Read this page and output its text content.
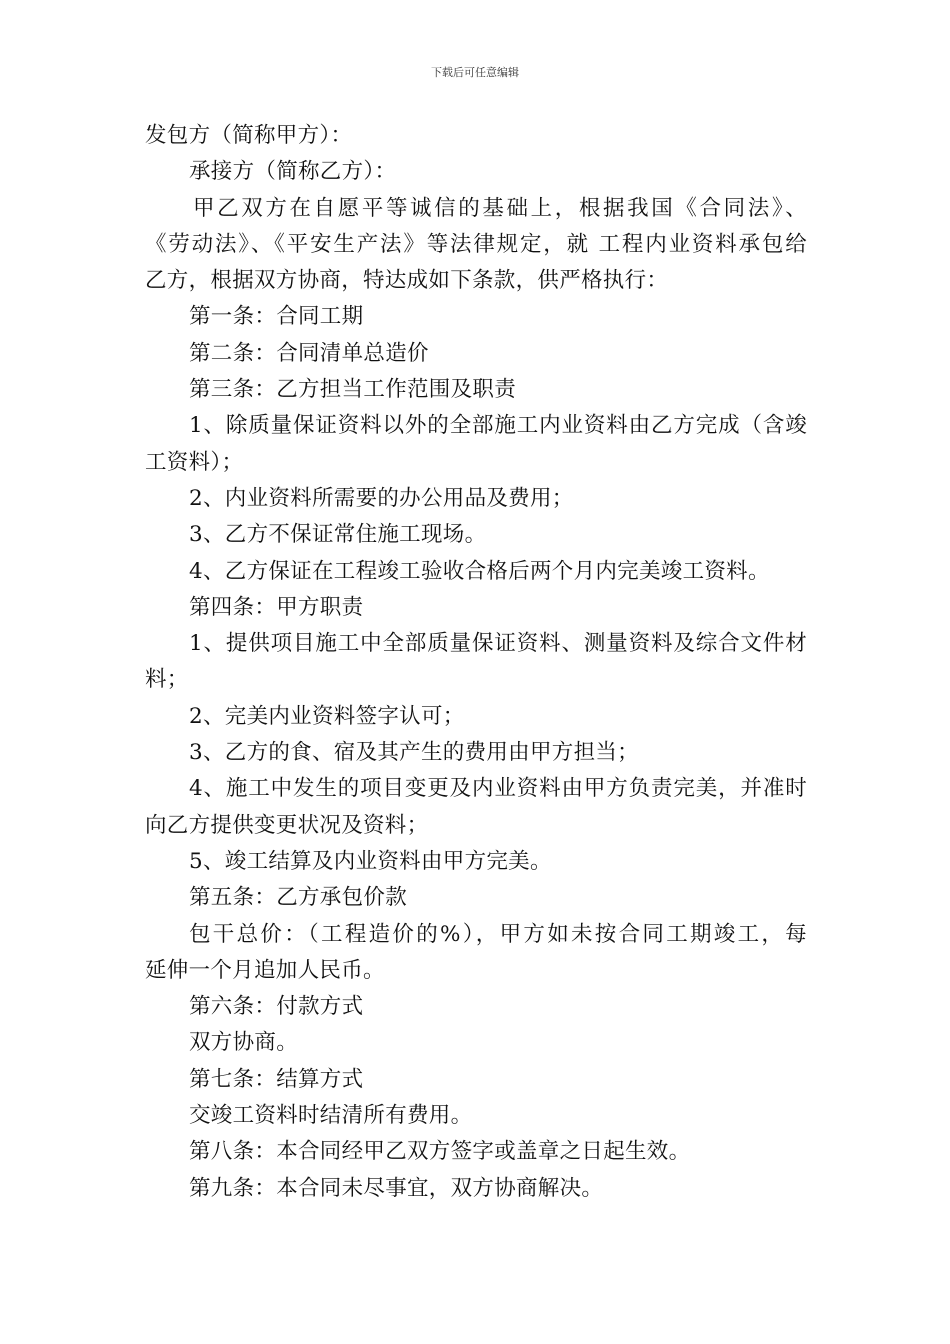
下载后可任意编辑
发包方（简称甲方）：
承接方（简称乙方）：
甲乙双方在自愿平等诚信的基础上，根据我国《合同法》、
《劳动法》、《平安生产法》等法律规定，就 工程内业资料承包给
乙方，根据双方协商，特达成如下条款，供严格执行：
第一条：合同工期
第二条：合同清单总造价
第三条：乙方担当工作范围及职责
1、除质量保证资料以外的全部施工内业资料由乙方完成（含竣
工资料）；
2、内业资料所需要的办公用品及费用；
3、乙方不保证常住施工现场。
4、乙方保证在工程竣工验收合格后两个月内完美竣工资料。
第四条：甲方职责
1、提供项目施工中全部质量保证资料、测量资料及综合文件材
料；
2、完美内业资料签字认可；
3、乙方的食、宿及其产生的费用由甲方担当；
4、施工中发生的项目变更及内业资料由甲方负责完美，并准时
向乙方提供变更状况及资料；
5、竣工结算及内业资料由甲方完美。
第五条：乙方承包价款
包干总价：（工程造价的%），甲方如未按合同工期竣工，每
延伸一个月追加人民币。
第六条：付款方式
双方协商。
第七条：结算方式
交竣工资料时结清所有费用。
第八条：本合同经甲乙双方签字或盖章之日起生效。
第九条：本合同未尽事宜，双方协商解决。
